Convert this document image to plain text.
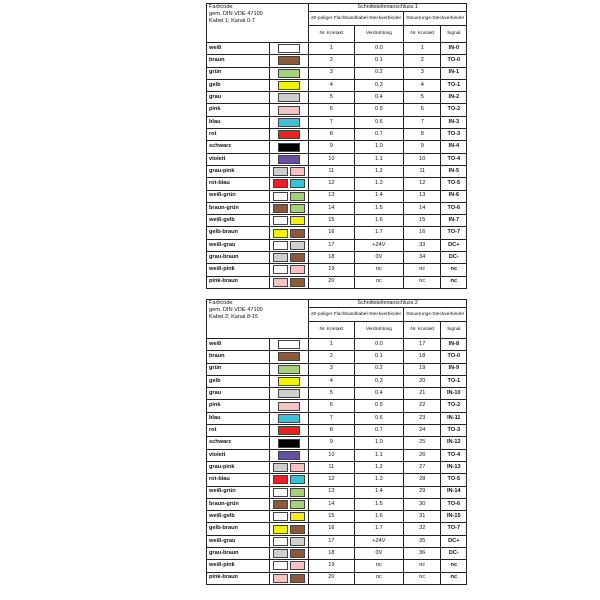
Farbcode
gem. DIN VDE 47100
Kabel 1; Kanal 0-7		Schnittstellenanschluss 1			
		20-poliger Flachbandkabel-Steckverbinder		Steuerungs-Steckverbinder	
		Nr. Kontakt	Verdrahtung	Nr. Kontakt	Signal
weiß		1	0.0	1	IN-0
braun		2	0.1	2	TO-0
grün		3	0.2	3	IN-1
gelb		4	0.3	4	TO-1
grau		5	0.4	5	IN-2
pink		6	0.5	6	TO-2
blau		7	0.6	7	IN-3
rot		8	0.7	8	TO-3
schwarz		9	1.0	9	IN-4
violett		10	1.1	10	TO-4
grau-pink		11	1.2	11	IN-5
rot-blau		12	1.3	12	TO-5
weiß-grün		13	1.4	13	IN-6
braun-grün		14	1.5	14	TO-6
weiß-gelb		15	1.6	15	IN-7
gelb-braun		16	1.7	16	TO-7
weiß-grau		17	+24V	33	DC+
grau-braun		18	0V	34	DC-
weiß-pink		19	nc	nc	nc
pink-braun		20	nc	nc	nc
Farbcode
gem. DIN VDE 47100
Kabel 2; Kanal 8-15		Schnittstellenanschluss 2			
		20-poliger Flachbandkabel-Steckverbinder		Steuerungs-Steckverbinder	
		Nr. Kontakt	Verdrahtung	Nr. Kontakt	Signal
weiß		1	0.0	17	IN-8
braun		2	0.1	18	TO-0
grün		3	0.2	19	IN-9
gelb		4	0.3	20	TO-1
grau		5	0.4	21	IN-10
pink		6	0.5	22	TO-2
blau		7	0.6	23	IN-11
rot		8	0.7	24	TO-3
schwarz		9	1.0	25	IN-12
violett		10	1.1	26	TO-4
grau-pink		11	1.2	27	IN-13
rot-blau		12	1.3	28	TO-5
weiß-grün		13	1.4	29	IN-14
braun-grün		14	1.5	30	TO-6
weiß-gelb		15	1.6	31	IN-15
gelb-braun		16	1.7	32	TO-7
weiß-grau		17	+24V	35	DC+
grau-braun		18	0V	36	DC-
weiß-pink		19	nc	nc	nc
pink-braun		20	nc	nc	nc
